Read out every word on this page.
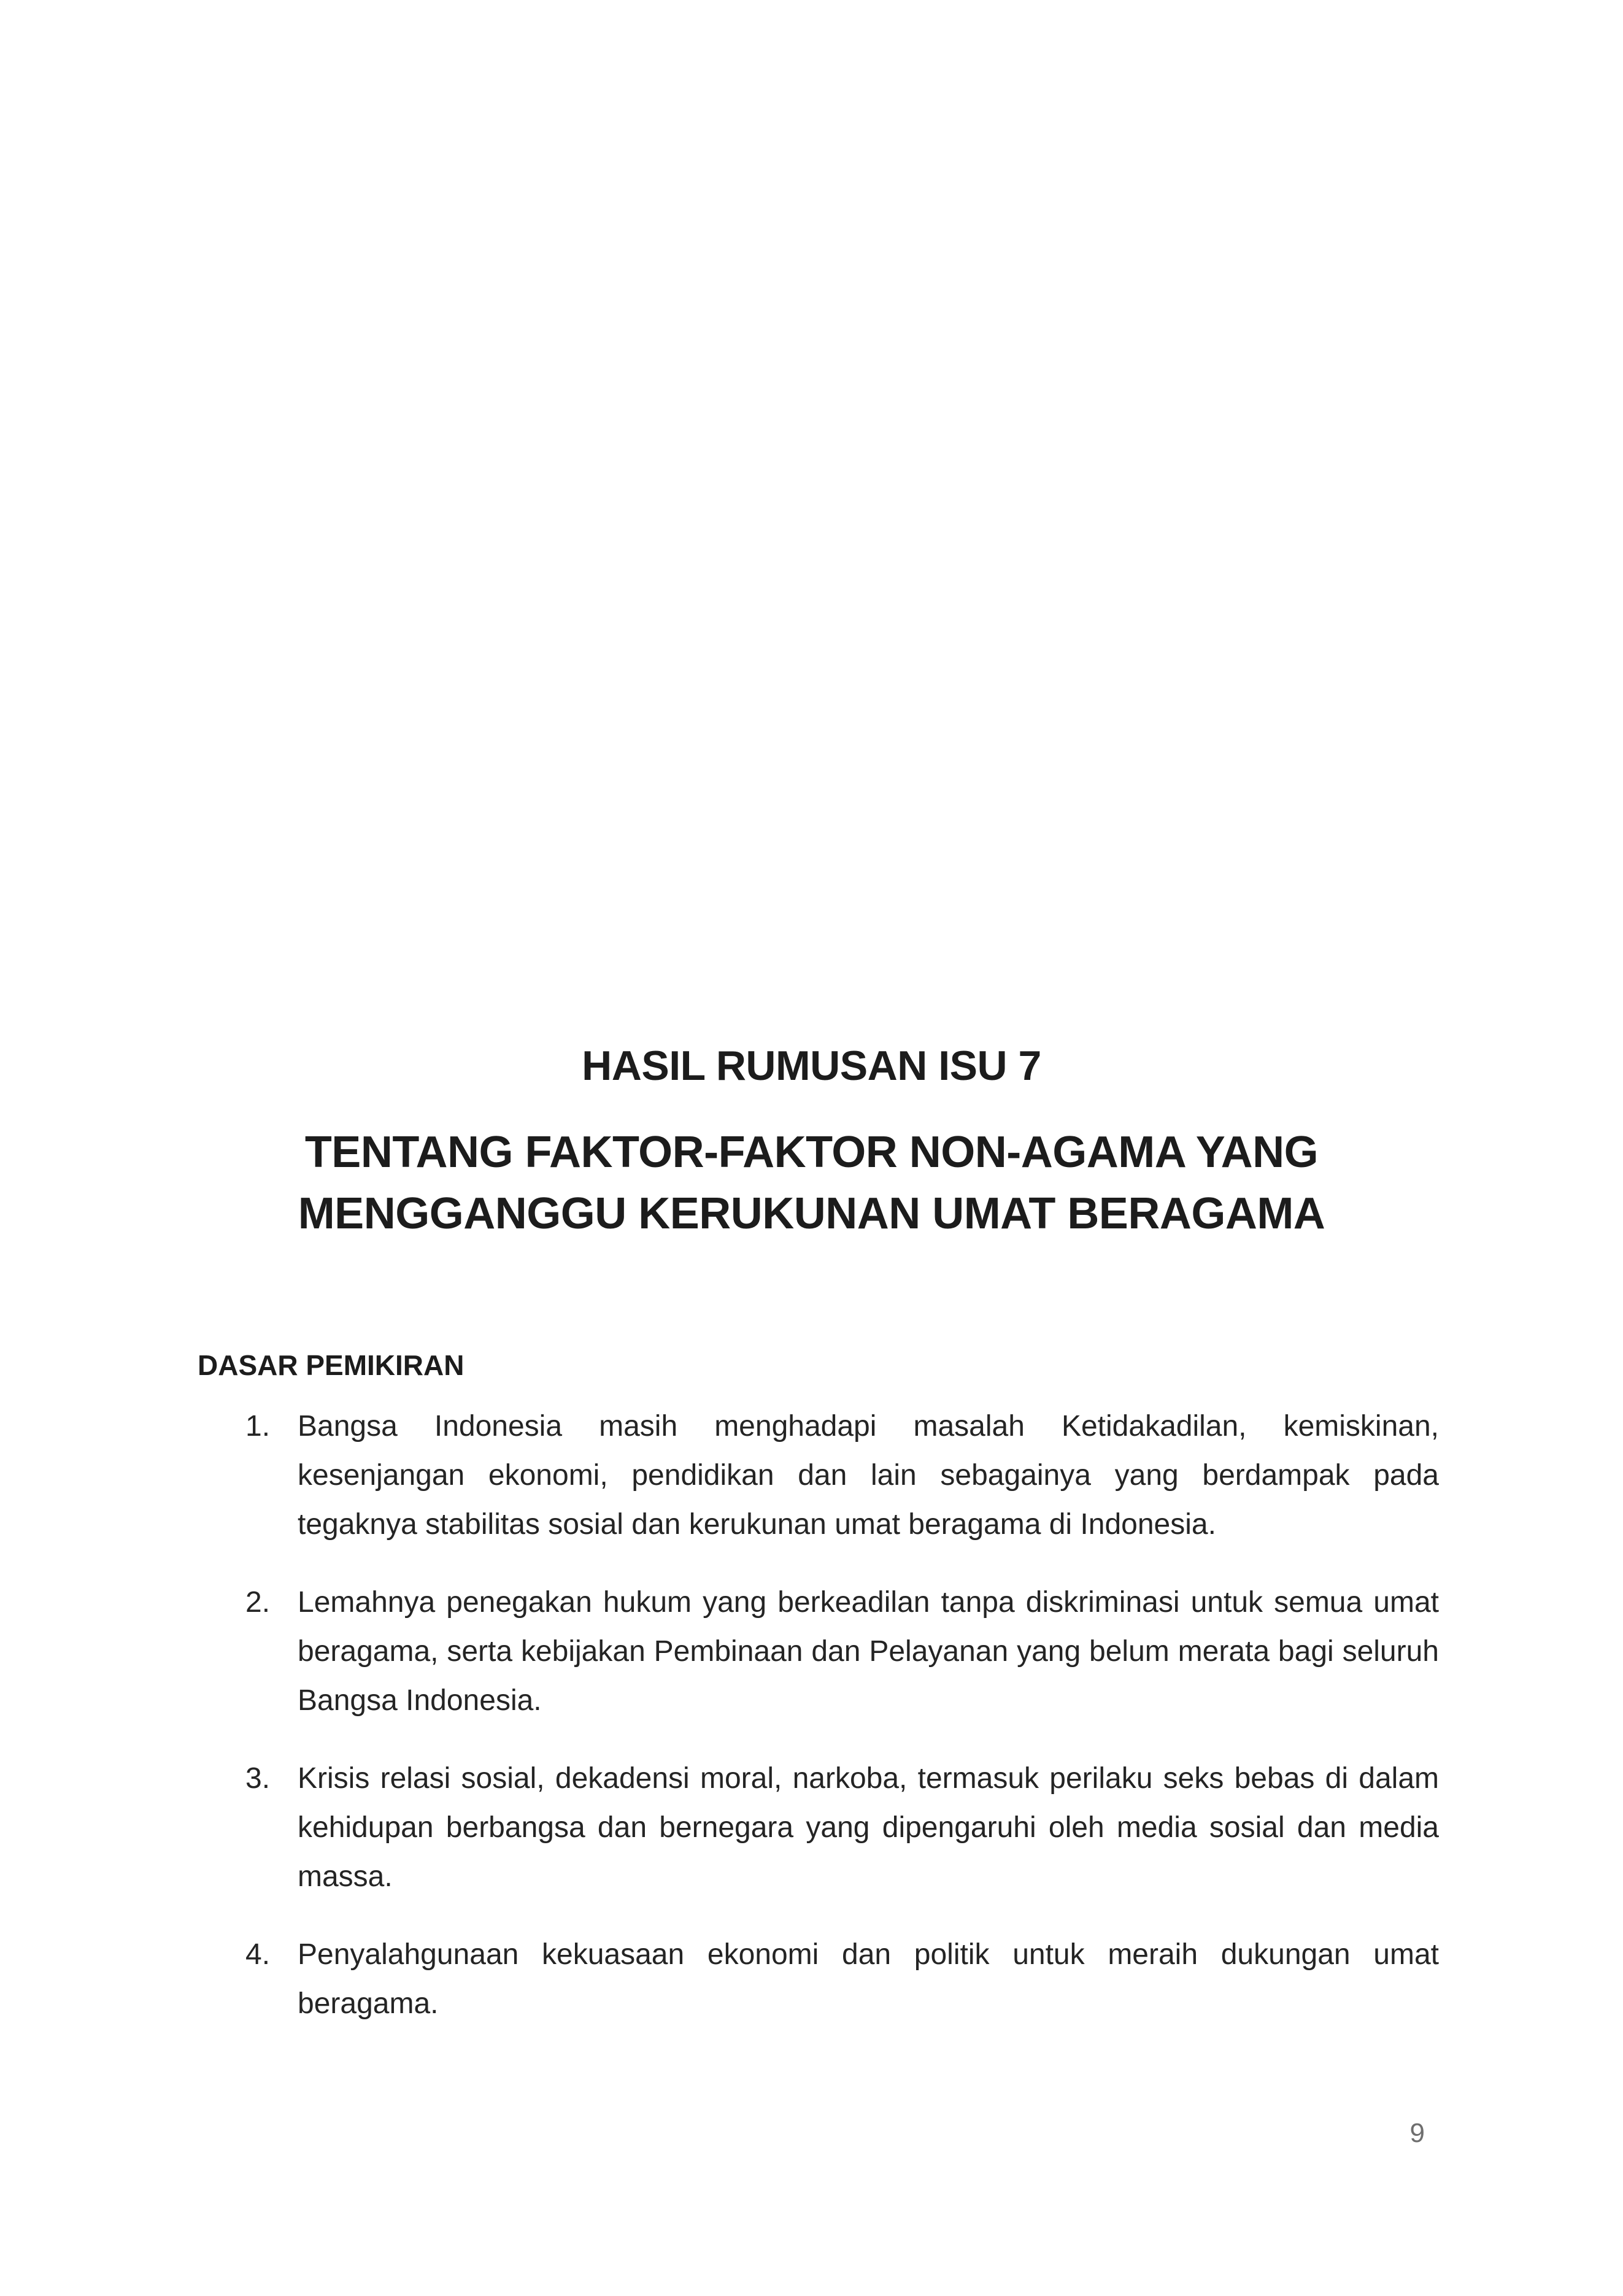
HASIL RUMUSAN ISU 7
TENTANG FAKTOR-FAKTOR NON-AGAMA YANG
MENGGANGGU KERUKUNAN UMAT BERAGAMA
DASAR PEMIKIRAN
1. Bangsa Indonesia masih menghadapi masalah Ketidakadilan, kemiskinan, kesenjangan ekonomi, pendidikan dan lain sebagainya yang berdampak pada tegaknya stabilitas sosial dan kerukunan umat beragama di Indonesia.
2. Lemahnya penegakan hukum yang berkeadilan tanpa diskriminasi untuk semua umat beragama, serta kebijakan Pembinaan dan Pelayanan yang belum merata bagi seluruh Bangsa Indonesia.
3. Krisis relasi sosial, dekadensi moral, narkoba, termasuk perilaku seks bebas di dalam kehidupan berbangsa dan bernegara yang dipengaruhi oleh media sosial dan media massa.
4. Penyalahgunaan kekuasaan ekonomi dan politik untuk meraih dukungan umat beragama.
9
